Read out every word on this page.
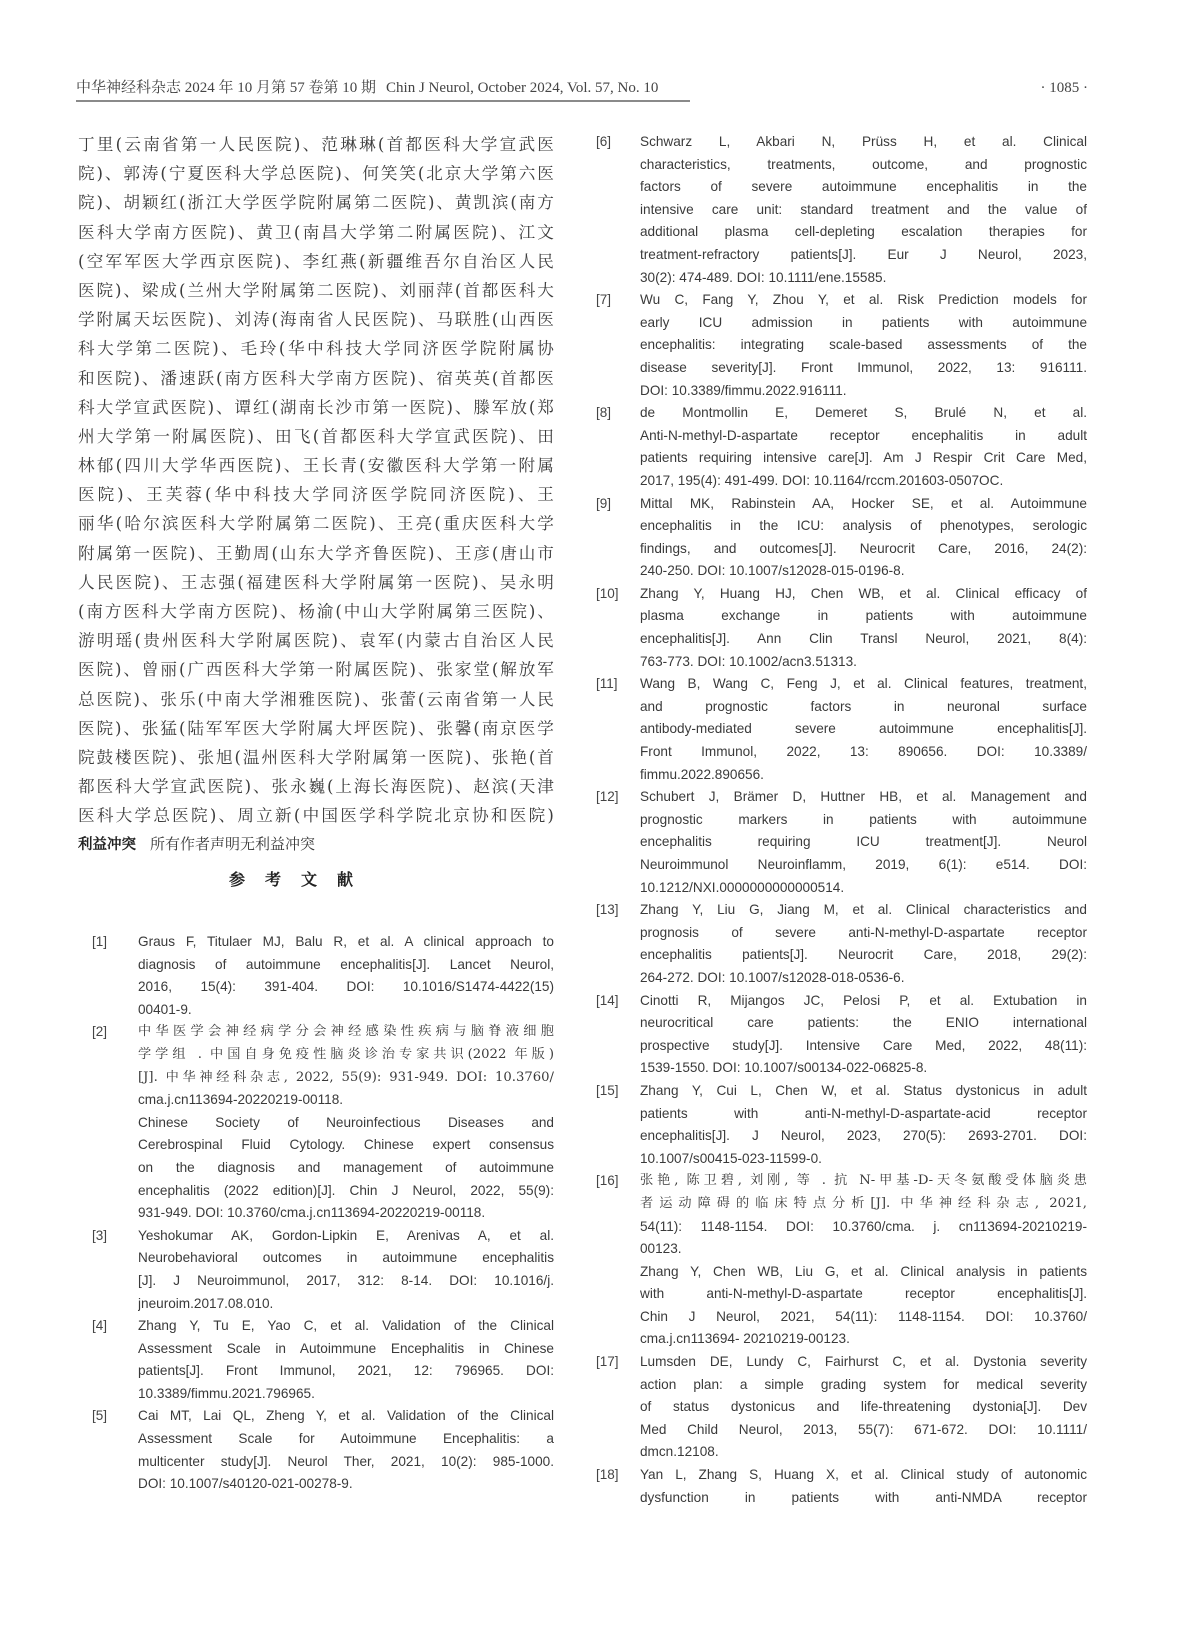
中华神经科杂志 2024 年 10 月第 57 卷第 10 期 Chin J Neurol, October 2024, Vol. 57, No. 10	· 1085 ·
丁里(云南省第一人民医院)、范琳琳(首都医科大学宣武医
院)、郭涛(宁夏医科大学总医院)、何笑笑(北京大学第六医
院)、胡颖红(浙江大学医学院附属第二医院)、黄凯滨(南方
医科大学南方医院)、黄卫(南昌大学第二附属医院)、江文
(空军军医大学西京医院)、李红燕(新疆维吾尔自治区人民
医院)、梁成(兰州大学附属第二医院)、刘丽萍(首都医科大
学附属天坛医院)、刘涛(海南省人民医院)、马联胜(山西医
科大学第二医院)、毛玲(华中科技大学同济医学院附属协
和医院)、潘速跃(南方医科大学南方医院)、宿英英(首都医
科大学宣武医院)、谭红(湖南长沙市第一医院)、滕军放(郑
州大学第一附属医院)、田飞(首都医科大学宣武医院)、田
林郁(四川大学华西医院)、王长青(安徽医科大学第一附属
医院)、王芙蓉(华中科技大学同济医学院同济医院)、王
丽华(哈尔滨医科大学附属第二医院)、王亮(重庆医科大学
附属第一医院)、王勤周(山东大学齐鲁医院)、王彦(唐山市
人民医院)、王志强(福建医科大学附属第一医院)、吴永明
(南方医科大学南方医院)、杨渝(中山大学附属第三医院)、
游明瑶(贵州医科大学附属医院)、袁军(内蒙古自治区人民
医院)、曾丽(广西医科大学第一附属医院)、张家堂(解放军
总医院)、张乐(中南大学湘雅医院)、张蕾(云南省第一人民
医院)、张猛(陆军军医大学附属大坪医院)、张馨(南京医学
院鼓楼医院)、张旭(温州医科大学附属第一医院)、张艳(首
都医科大学宣武医院)、张永巍(上海长海医院)、赵滨(天津
医科大学总医院)、周立新(中国医学科学院北京协和医院)
利益冲突 所有作者声明无利益冲突
参考文献
[1] Graus F, Titulaer MJ, Balu R, et al. A clinical approach to
diagnosis of autoimmune encephalitis[J]. Lancet Neurol,
2016, 15(4): 391-404. DOI: 10.1016/S1474-4422(15)
00401-9.
[2] 中华医学会神经病学分会神经感染性疾病与脑脊液细胞
学学组 . 中国自身免疫性脑炎诊治专家共识(2022 年版)
[J]. 中华神经科杂志, 2022, 55(9): 931-949. DOI: 10.3760/
cma.j.cn113694-20220219-00118.
Chinese Society of Neuroinfectious Diseases and
Cerebrospinal Fluid Cytology. Chinese expert consensus
on the diagnosis and management of autoimmune
encephalitis (2022 edition)[J]. Chin J Neurol, 2022, 55(9):
931-949. DOI: 10.3760/cma.j.cn113694-20220219-00118.
[3] Yeshokumar AK, Gordon-Lipkin E, Arenivas A, et al.
Neurobehavioral outcomes in autoimmune encephalitis
[J]. J Neuroimmunol, 2017, 312: 8-14. DOI: 10.1016/j.
jneuroim.2017.08.010.
[4] Zhang Y, Tu E, Yao C, et al. Validation of the Clinical
Assessment Scale in Autoimmune Encephalitis in Chinese
patients[J]. Front Immunol, 2021, 12: 796965. DOI:
10.3389/fimmu.2021.796965.
[5] Cai MT, Lai QL, Zheng Y, et al. Validation of the Clinical
Assessment Scale for Autoimmune Encephalitis: a
multicenter study[J]. Neurol Ther, 2021, 10(2): 985-1000.
DOI: 10.1007/s40120-021-00278-9.
[6] Schwarz L, Akbari N, Prüss H, et al. Clinical
characteristics, treatments, outcome, and prognostic
factors of severe autoimmune encephalitis in the
intensive care unit: standard treatment and the value of
additional plasma cell-depleting escalation therapies for
treatment-refractory patients[J]. Eur J Neurol, 2023,
30(2): 474-489. DOI: 10.1111/ene.15585.
[7] Wu C, Fang Y, Zhou Y, et al. Risk Prediction models for
early ICU admission in patients with autoimmune
encephalitis: integrating scale-based assessments of the
disease severity[J]. Front Immunol, 2022, 13: 916111.
DOI: 10.3389/fimmu.2022.916111.
[8] de Montmollin E, Demeret S, Brulé N, et al.
Anti-N-methyl-D-aspartate receptor encephalitis in adult
patients requiring intensive care[J]. Am J Respir Crit Care Med,
2017, 195(4): 491-499. DOI: 10.1164/rccm.201603-0507OC.
[9] Mittal MK, Rabinstein AA, Hocker SE, et al. Autoimmune
encephalitis in the ICU: analysis of phenotypes, serologic
findings, and outcomes[J]. Neurocrit Care, 2016, 24(2):
240-250. DOI: 10.1007/s12028-015-0196-8.
[10] Zhang Y, Huang HJ, Chen WB, et al. Clinical efficacy of
plasma exchange in patients with autoimmune
encephalitis[J]. Ann Clin Transl Neurol, 2021, 8(4):
763-773. DOI: 10.1002/acn3.51313.
[11] Wang B, Wang C, Feng J, et al. Clinical features, treatment,
and prognostic factors in neuronal surface
antibody-mediated severe autoimmune encephalitis[J].
Front Immunol, 2022, 13: 890656. DOI: 10.3389/
fimmu.2022.890656.
[12] Schubert J, Brämer D, Huttner HB, et al. Management and
prognostic markers in patients with autoimmune
encephalitis requiring ICU treatment[J]. Neurol
Neuroimmunol Neuroinflamm, 2019, 6(1): e514. DOI:
10.1212/NXI.0000000000000514.
[13] Zhang Y, Liu G, Jiang M, et al. Clinical characteristics and
prognosis of severe anti-N-methyl-D-aspartate receptor
encephalitis patients[J]. Neurocrit Care, 2018, 29(2):
264-272. DOI: 10.1007/s12028-018-0536-6.
[14] Cinotti R, Mijangos JC, Pelosi P, et al. Extubation in
neurocritical care patients: the ENIO international
prospective study[J]. Intensive Care Med, 2022, 48(11):
1539-1550. DOI: 10.1007/s00134-022-06825-8.
[15] Zhang Y, Cui L, Chen W, et al. Status dystonicus in adult
patients with anti-N-methyl-D-aspartate-acid receptor
encephalitis[J]. J Neurol, 2023, 270(5): 2693-2701. DOI:
10.1007/s00415-023-11599-0.
[16] 张艳, 陈卫碧, 刘刚, 等 . 抗 N-甲基-D-天冬氨酸受体脑炎患
者运动障碍的临床特点分析[J]. 中华神经科杂志, 2021,
54(11): 1148-1154. DOI: 10.3760/cma. j. cn113694-20210219-
00123.
Zhang Y, Chen WB, Liu G, et al. Clinical analysis in patients
with anti-N-methyl-D-aspartate receptor encephalitis[J].
Chin J Neurol, 2021, 54(11): 1148-1154. DOI: 10.3760/
cma.j.cn113694- 20210219-00123.
[17] Lumsden DE, Lundy C, Fairhurst C, et al. Dystonia severity
action plan: a simple grading system for medical severity
of status dystonicus and life-threatening dystonia[J]. Dev
Med Child Neurol, 2013, 55(7): 671-672. DOI: 10.1111/
dmcn.12108.
[18] Yan L, Zhang S, Huang X, et al. Clinical study of autonomic
dysfunction in patients with anti-NMDA receptor
